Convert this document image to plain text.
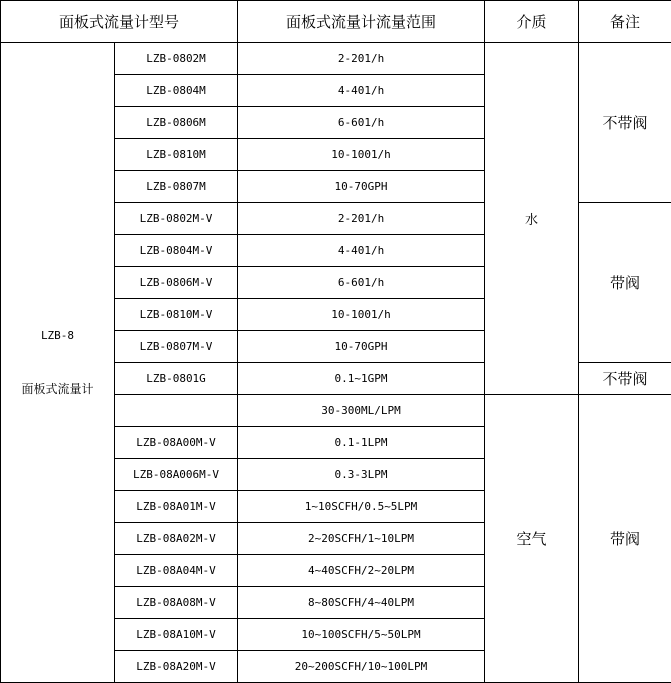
面板式流量计型号		面板式流量计流量范围	介质	备注

LZB-8
面板式流量计	LZB-0802M	2-201/h	水	不带阀
	LZB-0804M	4-401/h		
	LZB-0806M	6-601/h		
	LZB-0810M	10-1001/h		
	LZB-0807M	10-70GPH		
	LZB-0802M-V	2-201/h		带阀
	LZB-0804M-V	4-401/h		
	LZB-0806M-V	6-601/h		
	LZB-0810M-V	10-1001/h		
	LZB-0807M-V	10-70GPH		
	LZB-0801G	0.1~1GPM		不带阀
		30-300ML/LPM	空气	带阀
	LZB-08A00M-V	0.1-1LPM		
	LZB-08A006M-V	0.3-3LPM		
	LZB-08A01M-V	1~10SCFH/0.5~5LPM		
	LZB-08A02M-V	2~20SCFH/1~10LPM		
	LZB-08A04M-V	4~40SCFH/2~20LPM		
	LZB-08A08M-V	8~80SCFH/4~40LPM		
	LZB-08A10M-V	10~100SCFH/5~50LPM		
	LZB-08A20M-V	20~200SCFH/10~100LPM		
